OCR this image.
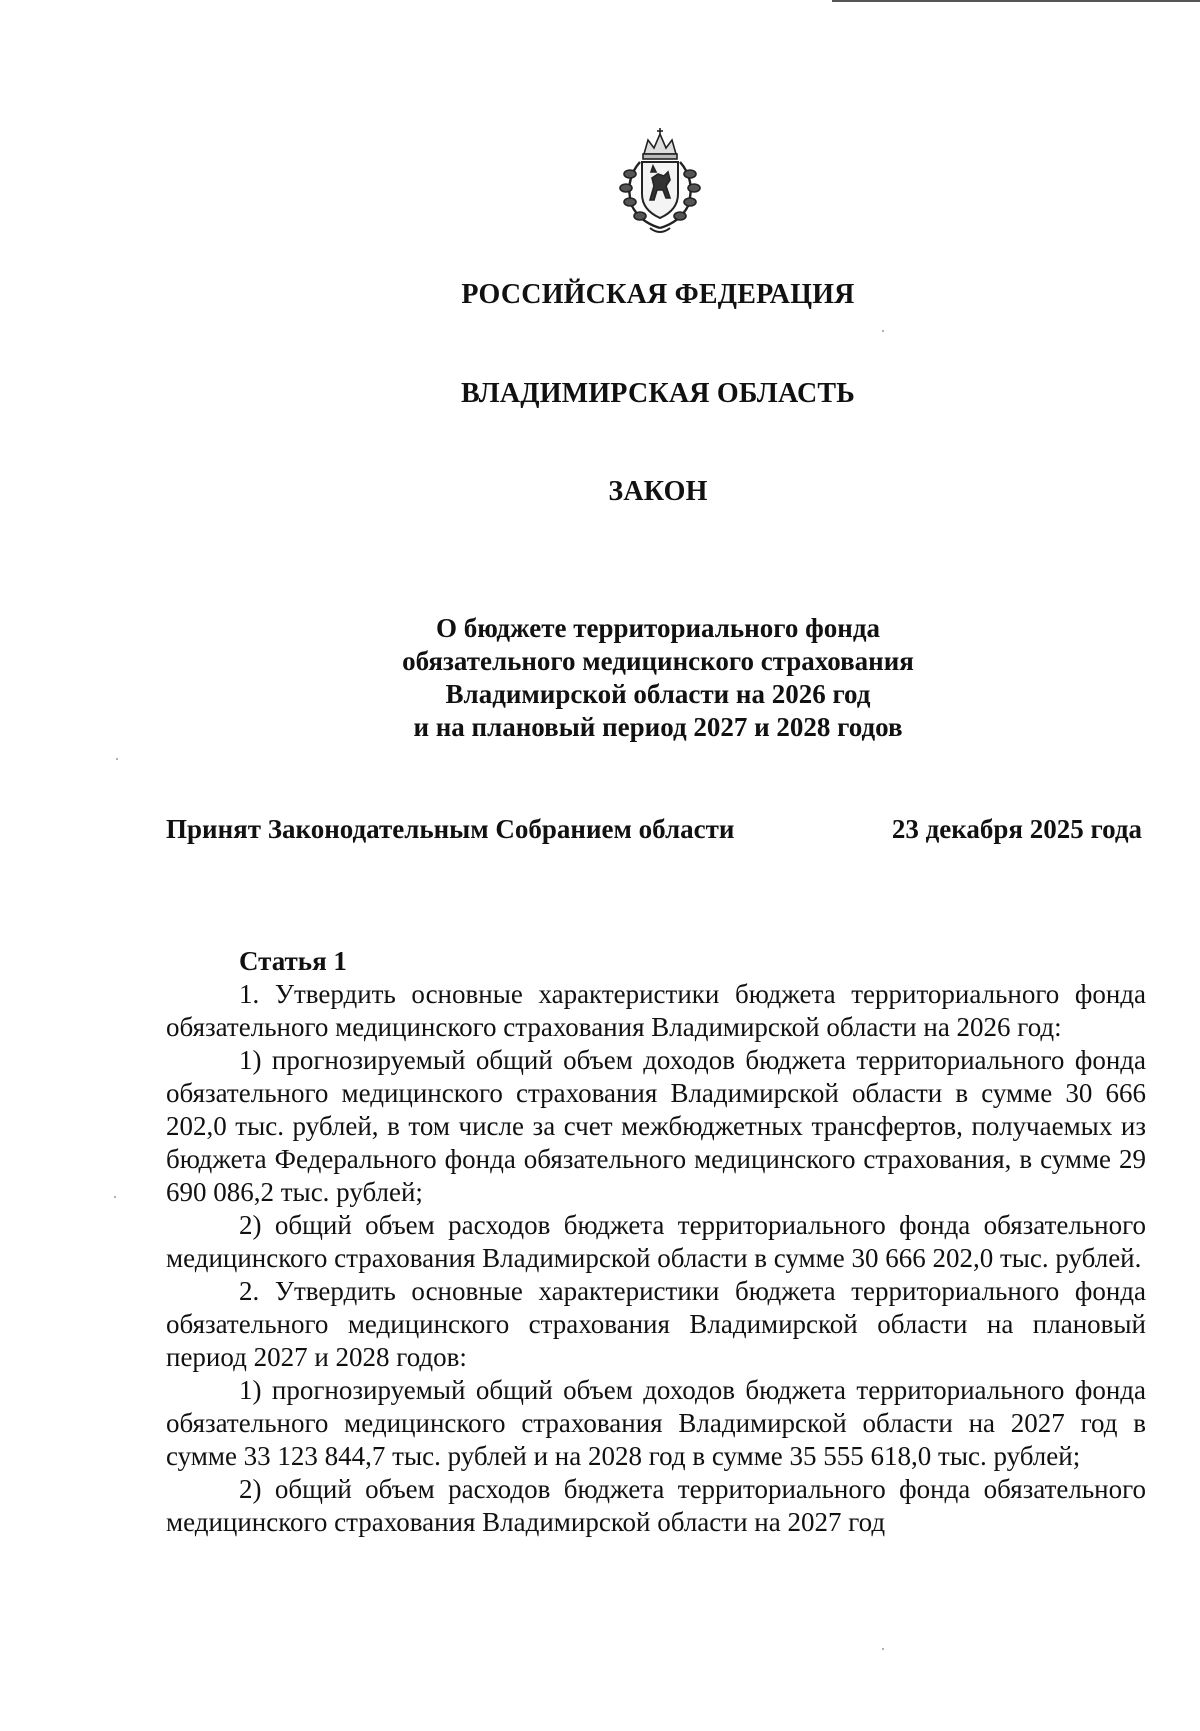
РОССИЙСКАЯ ФЕДЕРАЦИЯ
ВЛАДИМИРСКАЯ ОБЛАСТЬ
ЗАКОН
О бюджете территориального фонда
обязательного медицинского страхования
Владимирской области на 2026 год
и на плановый период 2027 и 2028 годов
Принят Законодательным Собранием области	23 декабря 2025 года
Статья 1

1. Утвердить основные характеристики бюджета территориального фонда обязательного медицинского страхования Владимирской области на 2026 год:

1) прогнозируемый общий объем доходов бюджета территориального фонда обязательного медицинского страхования Владимирской области в сумме 30 666 202,0 тыс. рублей, в том числе за счет межбюджетных трансфертов, получаемых из бюджета Федерального фонда обязательного медицинского страхования, в сумме 29 690 086,2 тыс. рублей;

2) общий объем расходов бюджета территориального фонда обязательного медицинского страхования Владимирской области в сумме 30 666 202,0 тыс. рублей.

2. Утвердить основные характеристики бюджета территориального фонда обязательного медицинского страхования Владимирской области на плановый период 2027 и 2028 годов:

1) прогнозируемый общий объем доходов бюджета территориального фонда обязательного медицинского страхования Владимирской области на 2027 год в сумме 33 123 844,7 тыс. рублей и на 2028 год в сумме 35 555 618,0 тыс. рублей;

2) общий объем расходов бюджета территориального фонда обязательного медицинского страхования Владимирской области на 2027 год
